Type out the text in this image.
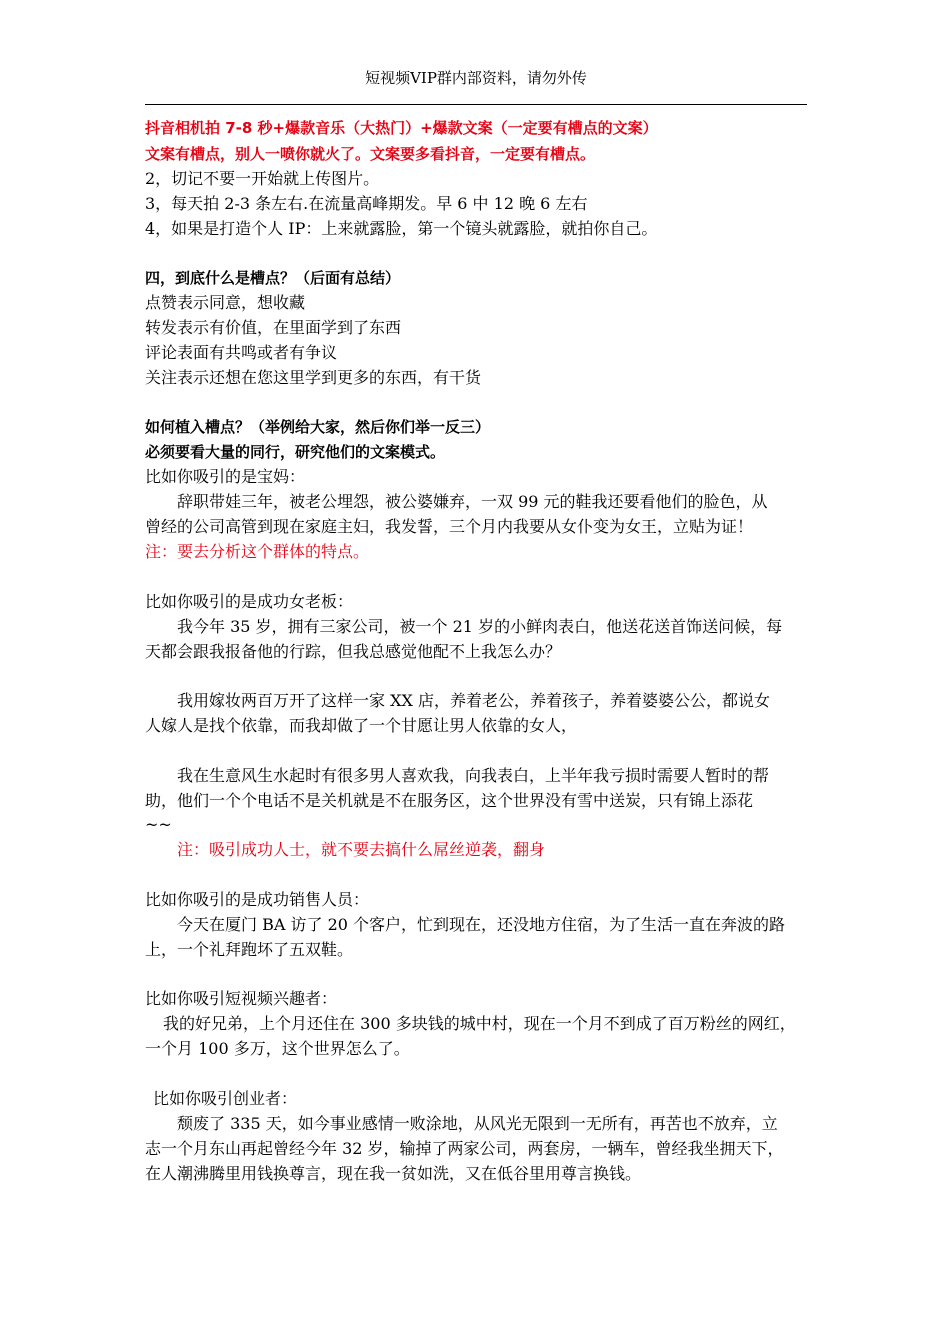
短视频VIP群内部资料，请勿外传
抖音相机拍 7-8 秒+爆款音乐（大热门）+爆款文案（一定要有槽点的文案）
文案有槽点，别人一喷你就火了。文案要多看抖音，一定要有槽点。
2，切记不要一开始就上传图片。
3，每天拍 2-3 条左右.在流量高峰期发。早 6 中 12 晚 6 左右
4，如果是打造个人 IP：上来就露脸，第一个镜头就露脸，就拍你自己。
四，到底什么是槽点？（后面有总结）
点赞表示同意，想收藏
转发表示有价值，在里面学到了东西
评论表面有共鸣或者有争议
关注表示还想在您这里学到更多的东西，有干货
如何植入槽点？（举例给大家，然后你们举一反三）
必须要看大量的同行，研究他们的文案模式。
比如你吸引的是宝妈：
辞职带娃三年，被老公埋怨，被公婆嫌弃，一双 99 元的鞋我还要看他们的脸色，从
曾经的公司高管到现在家庭主妇，我发誓，三个月内我要从女仆变为女王，立贴为证！
注：要去分析这个群体的特点。
比如你吸引的是成功女老板：
我今年 35 岁，拥有三家公司，被一个 21 岁的小鲜肉表白，他送花送首饰送问候，每
天都会跟我报备他的行踪，但我总感觉他配不上我怎么办？
我用嫁妆两百万开了这样一家 XX 店，养着老公，养着孩子，养着婆婆公公，都说女
人嫁人是找个依靠，而我却做了一个甘愿让男人依靠的女人，
我在生意风生水起时有很多男人喜欢我，向我表白，上半年我亏损时需要人暂时的帮
助，他们一个个电话不是关机就是不在服务区，这个世界没有雪中送炭，只有锦上添花
~~
注：吸引成功人士，就不要去搞什么屌丝逆袭，翻身
比如你吸引的是成功销售人员：
今天在厦门 BA 访了 20 个客户，忙到现在，还没地方住宿，为了生活一直在奔波的路
上，一个礼拜跑坏了五双鞋。
比如你吸引短视频兴趣者：
我的好兄弟，上个月还住在 300 多块钱的城中村，现在一个月不到成了百万粉丝的网红，
一个月 100 多万，这个世界怎么了。
比如你吸引创业者：
颓废了 335 天，如今事业感情一败涂地，从风光无限到一无所有，再苦也不放弃，立
志一个月东山再起曾经今年 32 岁，输掉了两家公司，两套房，一辆车，曾经我坐拥天下，
在人潮沸腾里用钱换尊言，现在我一贫如洗，又在低谷里用尊言换钱。
